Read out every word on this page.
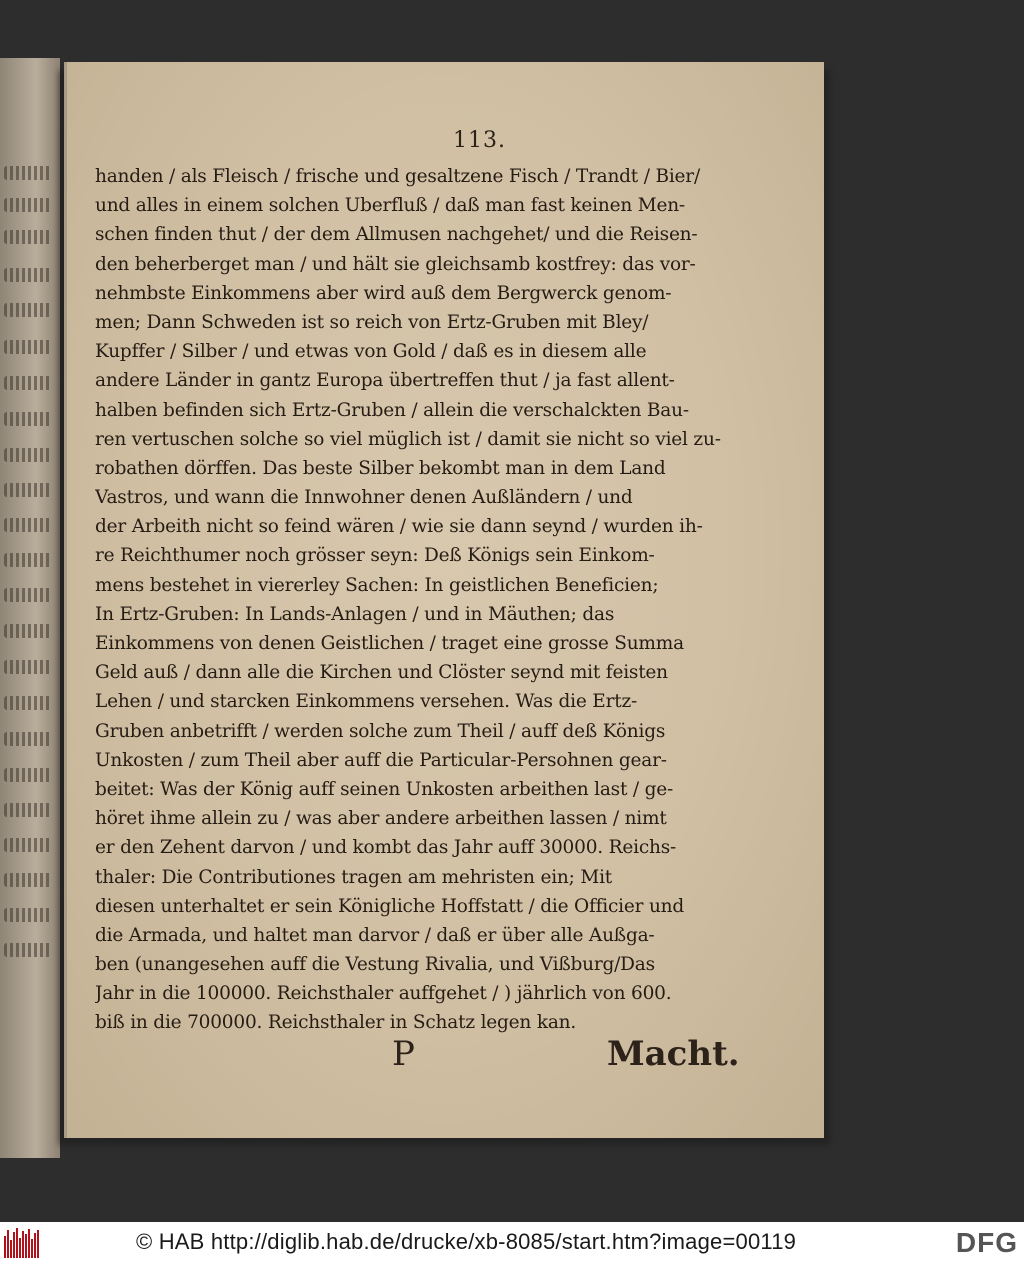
113.

handen / als Fleisch / frische und gesaltzene Fisch / Trandt / Bier/

und alles in einem solchen Uberfluß / daß man fast keinen Men-

schen finden thut / der dem Allmusen nachgehet/ und die Reisen-

den beherberget man / und hält sie gleichsamb kostfrey: das vor-

nehmbste Einkommens aber wird auß dem Bergwerck genom-

men; Dann Schweden ist so reich von Ertz-Gruben mit Bley/

Kupffer / Silber / und etwas von Gold / daß es in diesem alle

andere Länder in gantz Europa übertreffen thut / ja fast allent-

halben befinden sich Ertz-Gruben / allein die verschalckten Bau-

ren vertuschen solche so viel müglich ist / damit sie nicht so viel zu-

robathen dörffen. Das beste Silber bekombt man in dem Land

Vastros, und wann die Innwohner denen Außländern / und

der Arbeith nicht so feind wären / wie sie dann seynd / wurden ih-

re Reichthumer noch grösser seyn: Deß Königs sein Einkom-

mens bestehet in viererley Sachen: In geistlichen Beneficien;

In Ertz-Gruben: In Lands-Anlagen / und in Mäuthen; das

Einkommens von denen Geistlichen / traget eine grosse Summa

Geld auß / dann alle die Kirchen und Clöster seynd mit feisten

Lehen / und starcken Einkommens versehen. Was die Ertz-

Gruben anbetrifft / werden solche zum Theil / auff deß Königs

Unkosten / zum Theil aber auff die Particular-Persohnen gear-

beitet: Was der König auff seinen Unkosten arbeithen last / ge-

höret ihme allein zu / was aber andere arbeithen lassen / nimt

er den Zehent darvon / und kombt das Jahr auff 30000. Reichs-

thaler: Die Contributiones tragen am mehristen ein; Mit

diesen unterhaltet er sein Königliche Hoffstatt / die Officier und

die Armada, und haltet man darvor / daß er über alle Außga-

ben (unangesehen auff die Vestung Rivalia, und Vißburg/Das

Jahr in die 100000. Reichsthaler auffgehet / ) jährlich von 600.

biß in die 700000. Reichsthaler in Schatz legen kan.

P	Macht.
© HAB http://diglib.hab.de/drucke/xb-8085/start.htm?image=00119	DFG
